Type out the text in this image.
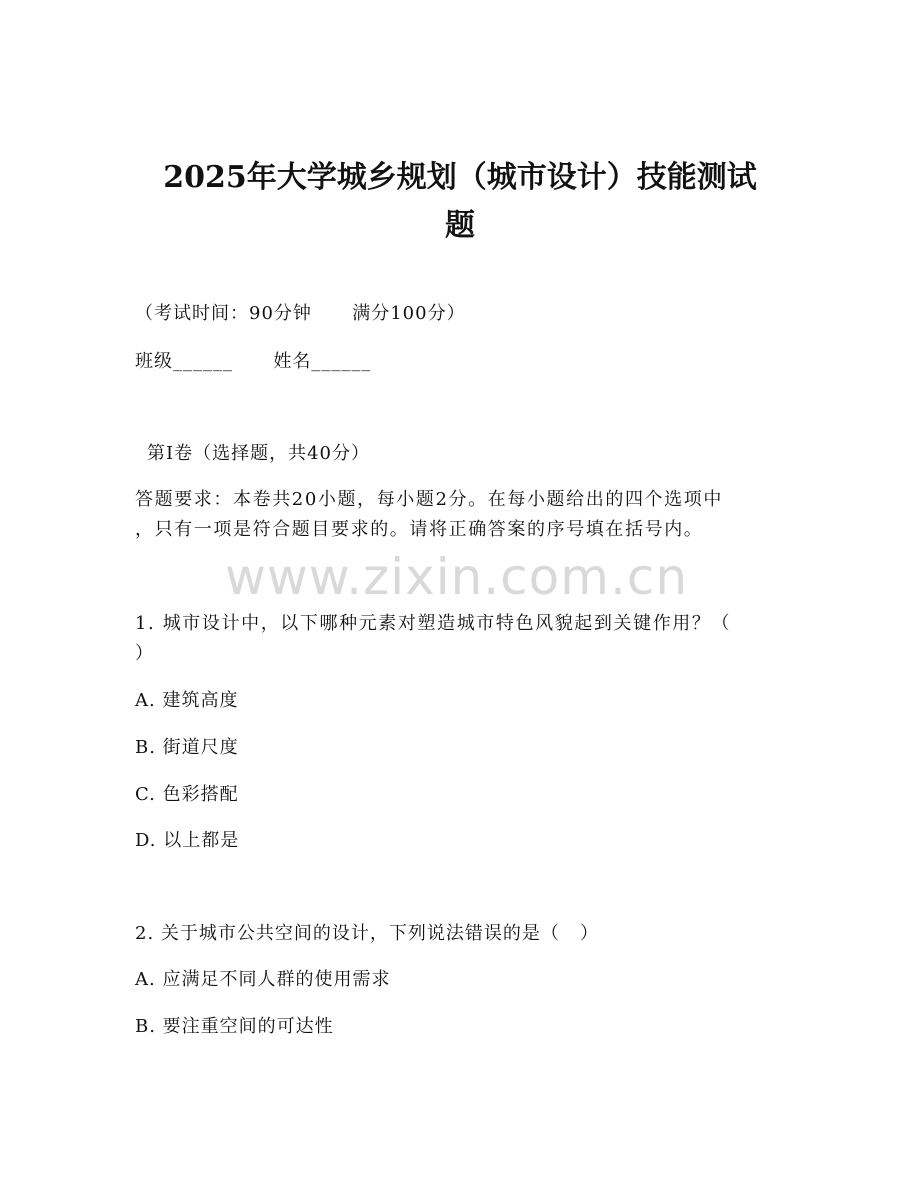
2025年大学城乡规划（城市设计）技能测试
题
（考试时间：90分钟      满分100分）
班级______      姓名______
第I卷（选择题，共40分）
答题要求：本卷共20小题，每小题2分。在每小题给出的四个选项中
，只有一项是符合题目要求的。请将正确答案的序号填在括号内。
www.zixin.com.cn
1. 城市设计中，以下哪种元素对塑造城市特色风貌起到关键作用？（
）
A. 建筑高度
B. 街道尺度
C. 色彩搭配
D. 以上都是
2. 关于城市公共空间的设计，下列说法错误的是（   ）
A. 应满足不同人群的使用需求
B. 要注重空间的可达性
